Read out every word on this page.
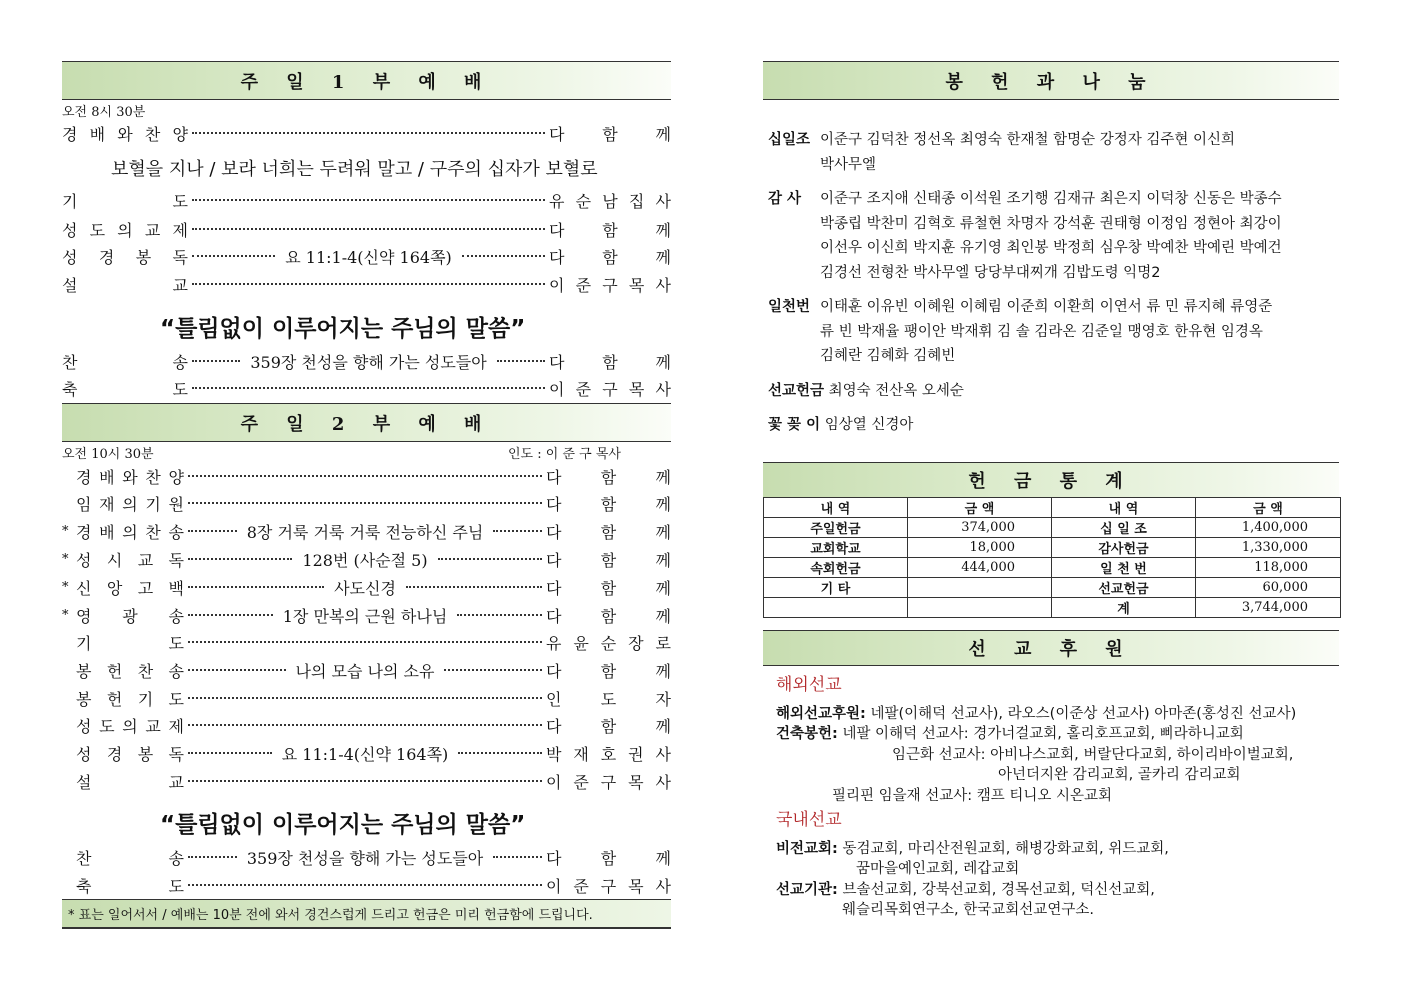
주 일 1 부 예 배
오전 8시 30분
경 배 와 찬 양	다 함 께
기	도	유 순 남 집 사
성 도 의 교 제	다 함 께
성 경 봉 독	요 11:1-4(신약 164쪽)	다 함 께
설	교	이 준 구 목 사
찬	송	359장 천성을 향해 가는 성도들아	다 함 께
축	도	이 준 구 목 사
보혈을 지나 / 보라 너희는 두려워 말고 / 구주의 십자가 보혈로
“틀림없이 이루어지는 주님의 말씀”
주 일 2 부 예 배
오전 10시 30분	인도 : 이 준 구 목사
경 배 와 찬 양	다 함 께
임 재 의 기 원	다 함 께
* 경 배 의 찬 송	8장 거룩 거룩 거룩 전능하신 주님	다 함 께
* 성 시 교 독	128번 (사순절 5)	다 함 께
* 신 앙 고 백	사도신경	다 함 께
* 영 광 송	1장 만복의 근원 하나님	다 함 께
기	도	유 윤 순 장 로
봉 헌 찬 송	나의 모습 나의 소유	다 함 께
봉 헌 기 도	인 도 자
성 도 의 교 제	다 함 께
성 경 봉 독	요 11:1-4(신약 164쪽)	박 재 호 권 사
설	교	이 준 구 목 사
찬	송	359장 천성을 향해 가는 성도들아	다 함 께
축	도	이 준 구 목 사
“틀림없이 이루어지는 주님의 말씀”
* 표는 일어서서 / 예배는 10분 전에 와서 경건스럽게 드리고 헌금은 미리 헌금함에 드립니다.
봉 헌 과 나 눔
십일조 이준구 김덕찬 정선옥 최영숙 한재철 함명순 강정자 김주현 이신희
박사무엘
감 사	이준구 조지애 신태종 이석원 조기행 김재규 최은지 이덕창 신동은 박종수
박종립 박찬미 김혁호 류철현 차명자 강석훈 권태형 이정임 정현아 최강이
이선우 이신희 박지훈 유기영 최인봉 박정희 심우창 박예찬 박예린 박예건
김경선 전형찬 박사무엘 당당부대찌개 김밥도령 익명2
일천번 이태훈 이유빈 이혜원 이혜림 이준희 이환희 이연서 류 민 류지혜 류영준
류 빈 박재율 팽이안 박재휘 김 솔 김라온 김준일 맹영호 한유현 임경옥
김혜란 김혜화 김혜빈
선교헌금 최영숙 전산옥 오세순
꽃 꽂 이 임상열 신경아
헌 금 통 계
내 역	금 액	내 역	금 액
주일헌금	374,000	십 일 조	1,400,000
교회학교	18,000	감사헌금	1,330,000
속회헌금	444,000	일 천 번	118,000
기 타		선교헌금	60,000
		계	3,744,000
선 교 후 원
해외선교
해외선교후원: 네팔(이해덕 선교사), 라오스(이준상 선교사) 아마존(홍성진 선교사)
건축봉헌: 네팔 이해덕 선교사: 경가너걸교회, 홀리호프교회, 삐라하니교회
임근화 선교사: 아비나스교회, 버랄단다교회, 하이리바이벌교회,
아넌더지완 감리교회, 골카리 감리교회
필리핀 임을재 선교사: 캠프 티니오 시온교회
국내선교
비전교회: 동검교회, 마리산전원교회, 해병강화교회, 위드교회,
꿈마을예인교회, 레갑교회
선교기관: 브솔선교회, 강북선교회, 경목선교회, 덕신선교회,
웨슬리목회연구소, 한국교회선교연구소.
